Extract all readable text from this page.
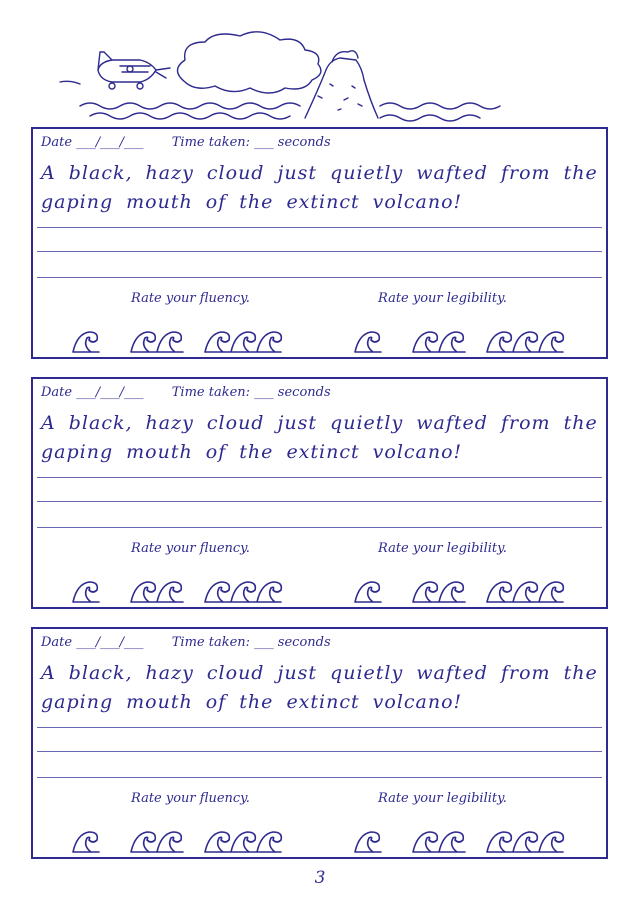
Date ___/___/___ Time taken: ___ seconds
A black, hazy cloud just quietly wafted from the gaping mouth of the extinct volcano!
Rate your fluency.	Rate your legibility.
Date ___/___/___ Time taken: ___ seconds
A black, hazy cloud just quietly wafted from the gaping mouth of the extinct volcano!
Rate your fluency.	Rate your legibility.
Date ___/___/___ Time taken: ___ seconds
A black, hazy cloud just quietly wafted from the gaping mouth of the extinct volcano!
Rate your fluency.	Rate your legibility.
3
